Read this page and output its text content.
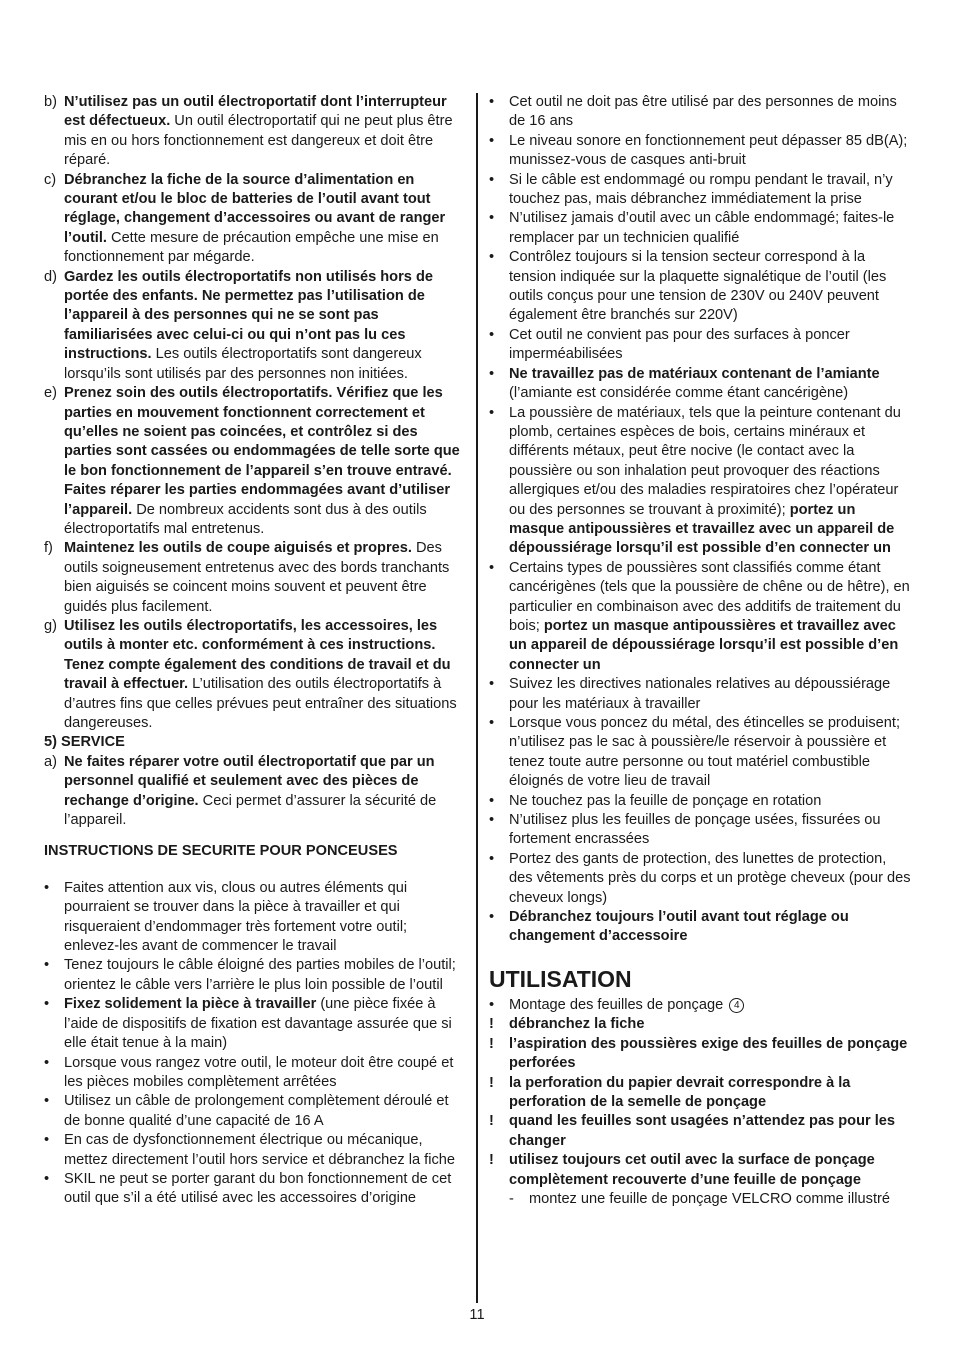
b) N’utilisez pas un outil électroportatif dont l’interrupteur est défectueux. Un outil électroportatif qui ne peut plus être mis en ou hors fonctionnement est dangereux et doit être réparé.
c) Débranchez la fiche de la source d’alimentation en courant et/ou le bloc de batteries de l’outil avant tout réglage, changement d’accessoires ou avant de ranger l’outil. Cette mesure de précaution empêche une mise en fonctionnement par mégarde.
d) Gardez les outils électroportatifs non utilisés hors de portée des enfants. Ne permettez pas l’utilisation de l’appareil à des personnes qui ne se sont pas familiarisées avec celui-ci ou qui n’ont pas lu ces instructions. Les outils électroportatifs sont dangereux lorsqu’ils sont utilisés par des personnes non initiées.
e) Prenez soin des outils électroportatifs. Vérifiez que les parties en mouvement fonctionnent correctement et qu’elles ne soient pas coincées, et contrôlez si des parties sont cassées ou endommagées de telle sorte que le bon fonctionnement de l’appareil s’en trouve entravé. Faites réparer les parties endommagées avant d’utiliser l’appareil. De nombreux accidents sont dus à des outils électroportatifs mal entretenus.
f) Maintenez les outils de coupe aiguisés et propres. Des outils soigneusement entretenus avec des bords tranchants bien aiguisés se coincent moins souvent et peuvent être guidés plus facilement.
g) Utilisez les outils électroportatifs, les accessoires, les outils à monter etc. conformément à ces instructions. Tenez compte également des conditions de travail et du travail à effectuer. L’utilisation des outils électroportatifs à d’autres fins que celles prévues peut entraîner des situations dangereuses.
5) SERVICE
a) Ne faites réparer votre outil électroportatif que par un personnel qualifié et seulement avec des pièces de rechange d’origine. Ceci permet d’assurer la sécurité de l’appareil.
INSTRUCTIONS DE SECURITE POUR PONCEUSES
• Faites attention aux vis, clous ou autres éléments qui pourraient se trouver dans la pièce à travailler et qui risqueraient d’endommager très fortement votre outil; enlevez-les avant de commencer le travail
• Tenez toujours le câble éloigné des parties mobiles de l’outil; orientez le câble vers l’arrière le plus loin possible de l’outil
• Fixez solidement la pièce à travailler (une pièce fixée à l’aide de dispositifs de fixation est davantage assurée que si elle était tenue à la main)
• Lorsque vous rangez votre outil, le moteur doit être coupé et les pièces mobiles complètement arrêtées
• Utilisez un câble de prolongement complètement déroulé et de bonne qualité d’une capacité de 16 A
• En cas de dysfonctionnement électrique ou mécanique, mettez directement l’outil hors service et débranchez la fiche
• SKIL ne peut se porter garant du bon fonctionnement de cet outil que s’il a été utilisé avec les accessoires d’origine
• Cet outil ne doit pas être utilisé par des personnes de moins de 16 ans
• Le niveau sonore en fonctionnement peut dépasser 85 dB(A); munissez-vous de casques anti-bruit
• Si le câble est endommagé ou rompu pendant le travail, n’y touchez pas, mais débranchez immédiatement la prise
• N’utilisez jamais d’outil avec un câble endommagé; faites-le remplacer par un technicien qualifié
• Contrôlez toujours si la tension secteur correspond à la tension indiquée sur la plaquette signalétique de l’outil (les outils conçus pour une tension de 230V ou 240V peuvent également être branchés sur 220V)
• Cet outil ne convient pas pour des surfaces à poncer imperméabilisées
• Ne travaillez pas de matériaux contenant de l’amiante (l’amiante est considérée comme étant cancérigène)
• La poussière de matériaux, tels que la peinture contenant du plomb, certaines espèces de bois, certains minéraux et différents métaux, peut être nocive (le contact avec la poussière ou son inhalation peut provoquer des réactions allergiques et/ou des maladies respiratoires chez l’opérateur ou des personnes se trouvant à proximité); portez un masque antipoussières et travaillez avec un appareil de dépoussiérage lorsqu’il est possible d’en connecter un
• Certains types de poussières sont classifiés comme étant cancérigènes (tels que la poussière de chêne ou de hêtre), en particulier en combinaison avec des additifs de traitement du bois; portez un masque antipoussières et travaillez avec un appareil de dépoussiérage lorsqu’il est possible d’en connecter un
• Suivez les directives nationales relatives au dépoussiérage pour les matériaux à travailler
• Lorsque vous poncez du métal, des étincelles se produisent; n’utilisez pas le sac à poussière/le réservoir à poussière et tenez toute autre personne ou tout matériel combustible éloignés de votre lieu de travail
• Ne touchez pas la feuille de ponçage en rotation
• N’utilisez plus les feuilles de ponçage usées, fissurées ou fortement encrassées
• Portez des gants de protection, des lunettes de protection, des vêtements près du corps et un protège cheveux (pour des cheveux longs)
• Débranchez toujours l’outil avant tout réglage ou changement d’accessoire
UTILISATION
• Montage des feuilles de ponçage 4
! débranchez la fiche
! l’aspiration des poussières exige des feuilles de ponçage perforées
! la perforation du papier devrait correspondre à la perforation de la semelle de ponçage
! quand les feuilles sont usagées n’attendez pas pour les changer
! utilisez toujours cet outil avec la surface de ponçage complètement recouverte d’une feuille de ponçage
- montez une feuille de ponçage VELCRO comme illustré
11
